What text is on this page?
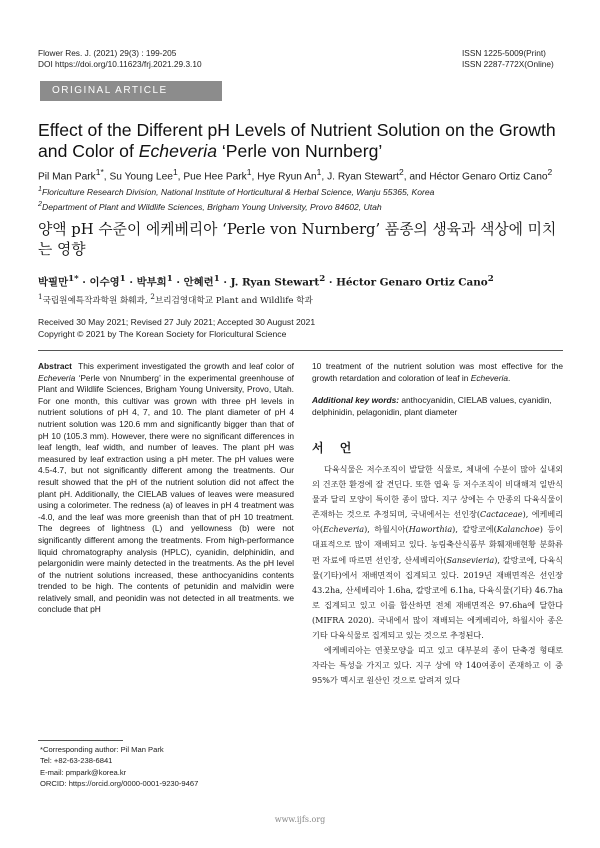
Flower Res. J. (2021) 29(3) : 199-205
DOI https://doi.org/10.11623/frj.2021.29.3.10
ISSN 1225-5009(Print)
ISSN 2287-772X(Online)
ORIGINAL ARTICLE
Effect of the Different pH Levels of Nutrient Solution on the Growth and Color of Echeveria ‘Perle von Nurnberg’
Pil Man Park$^{1*}$, Su Young Lee$^1$, Pue Hee Park$^1$, Hye Ryun An$^1$, J. Ryan Stewart$^2$, and Héctor Genaro Ortiz Cano$^2$
$^1$Floriculture Research Division, National Institute of Horticultural & Herbal Science, Wanju 55365, Korea
$^2$Department of Plant and Wildlife Sciences, Brigham Young University, Provo 84602, Utah
양액 pH 수준이 에케베리아 ‘Perle von Nurnberg’ 품종의 생육과 색상에 미치는 영향
박필만$^{1*}$ · 이수영$^1$ · 박부희$^1$ · 안혜련$^1$ · J. Ryan Stewart$^2$ · Héctor Genaro Ortiz Cano$^2$
$^1$국립원예특작과학원 화훼과, $^2$브리검영대학교 Plant and Wildlife 학과
Received 30 May 2021; Revised 27 July 2021; Accepted 30 August 2021
Copyright © 2021 by The Korean Society for Floricultural Science
Abstract This experiment investigated the growth and leaf color of Echeveria ‘Perle von Nnumberg’ in the experimental greenhouse of Plant and Wildlife Sciences, Brigham Young University, Provo, Utah. For one month, this cultivar was grown with three pH levels in nutrient solutions of pH 4, 7, and 10. The plant diameter of pH 4 nutrient solution was 120.6 mm and significantly bigger than that of pH 10 (105.3 mm). However, there were no significant differences in leaf length, leaf width, and number of leaves. The plant pH was measured by leaf extraction using a pH meter. The pH values were 4.5-4.7, but not significantly different among the treatments. Our result showed that the pH of the nutrient solution did not affect the plant pH. Additionally, the CIELAB values of leaves were measured using a colorimeter. The redness (a) of leaves in pH 4 treatment was -4.0, and the leaf was more greenish than that of pH 10 treatment. The degrees of lightness (L) and yellowness (b) were not significantly different among the treatments. From high-performance liquid chromatography analysis (HPLC), cyanidin, delphinidin, and pelargonidin were mainly detected in the treatments. As the pH level of the nutrient solutions increased, these anthocyanidins contents trended to be high. The contents of petunidin and malvidin were relatively small, and peonidin was not detected in all treatments. we conclude that pH
10 treatment of the nutrient solution was most effective for the growth retardation and coloration of leaf in Echeveria.
Additional key words: anthocyanidin, CIELAB values, cyanidin, delphinidin, pelagonidin, plant diameter
서 언

다육식물은 저수조직이 발달한 식물로, 체내에 수분이 많아 실내외의 건조한 환경에 잘 견딘다. 또한 엽육 등 저수조직이 비대해져 일반식물과 달리 모양이 특이한 종이 많다. 지구 상에는 수 만종의 다육식물이 존재하는 것으로 추정되며, 국내에서는 선인장(Cactaceae), 에케베리아(Echeveria), 하월시아(Haworthia), 칼랑코에(Kalanchoe) 등이 대표적으로 많이 재배되고 있다. 농림축산식품부 화훼재배현황 분화류편 자료에 따르면 선인장, 산세베리아(Sansevieria), 칼랑코에, 다육식물(기타)에서 재배면적이 집계되고 있다. 2019년 재배면적은 선인장 43.2ha, 산세베리아 1.6ha, 칼랑코에 6.1ha, 다육식물(기타) 46.7ha로 집계되고 있고 이를 합산하면 전체 재배면적은 97.6ha에 달한다(MIFRA 2020). 국내에서 많이 재배되는 에케베리아, 하월시아 종은 기타 다육식물로 집계되고 있는 것으로 추정된다.

에케베리아는 연꽃모양을 띠고 있고 대부분의 종이 단축경 형태로 자라는 특성을 가지고 있다. 지구 상에 약 140여종이 존재하고 이 중 95%가 멕시코 원산인 것으로 알려져 있다

*Corresponding author: Pil Man Park
Tel: +82-63-238-6841
E-mail: pmpark@korea.kr
ORCID: https://orcid.org/0000-0001-9230-9467
www.ijfs.org
